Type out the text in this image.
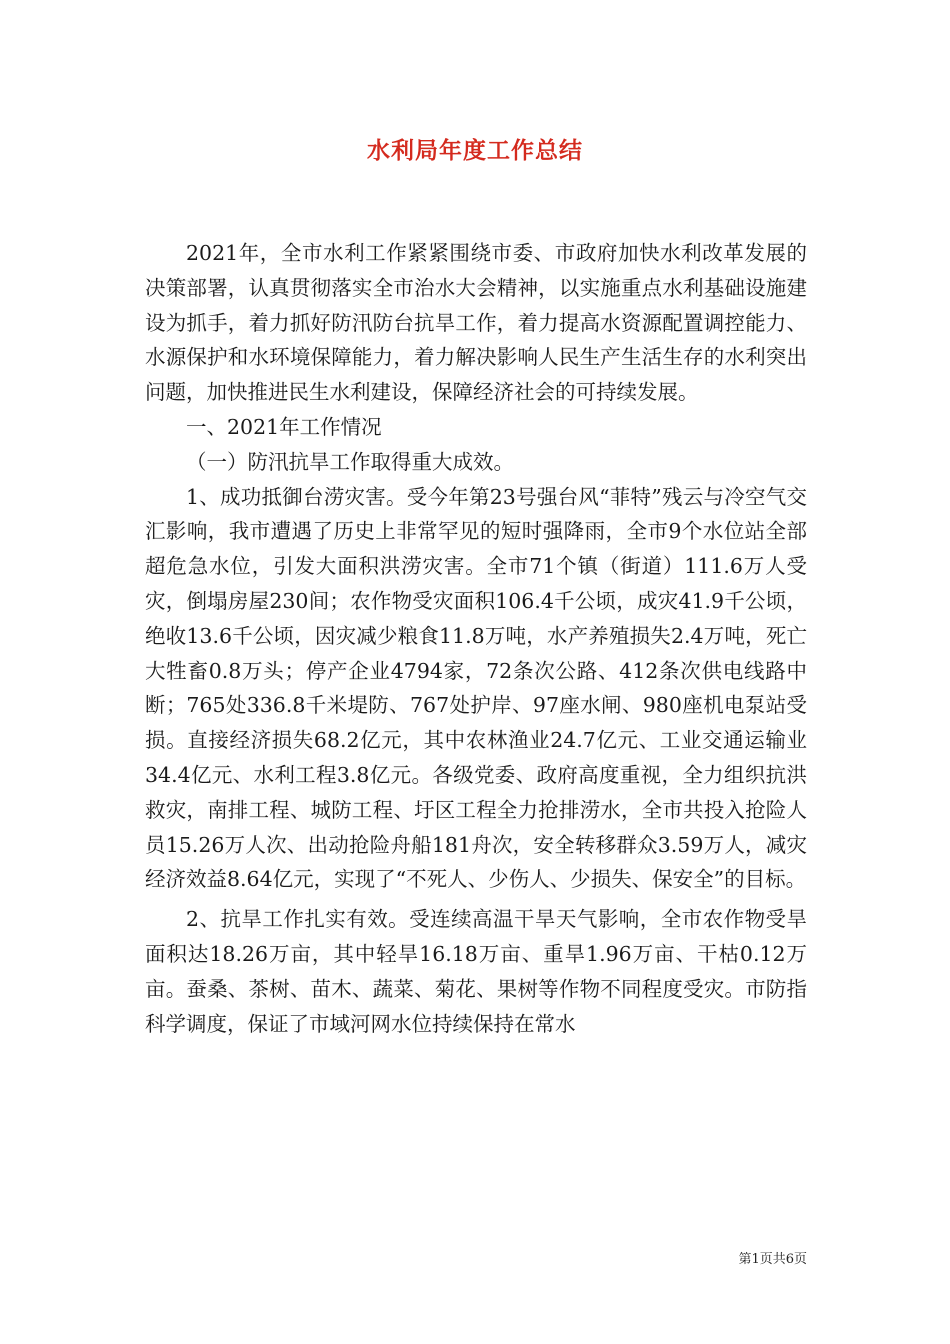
水利局年度工作总结

2021年，全市水利工作紧紧围绕市委、市政府加快水利改革发展的决策部署，认真贯彻落实全市治水大会精神，以实施重点水利基础设施建设为抓手，着力抓好防汛防台抗旱工作，着力提高水资源配置调控能力、水源保护和水环境保障能力，着力解决影响人民生产生活生存的水利突出问题，加快推进民生水利建设，保障经济社会的可持续发展。

一、2021年工作情况

（一）防汛抗旱工作取得重大成效。

1、成功抵御台涝灾害。受今年第23号强台风“菲特”残云与冷空气交汇影响，我市遭遇了历史上非常罕见的短时强降雨，全市9个水位站全部超危急水位，引发大面积洪涝灾害。全市71个镇（街道）111.6万人受灾，倒塌房屋230间；农作物受灾面积106.4千公顷，成灾41.9千公顷，绝收13.6千公顷，因灾减少粮食11.8万吨，水产养殖损失2.4万吨，死亡大牲畜0.8万头；停产企业4794家，72条次公路、412条次供电线路中断；765处336.8千米堤防、767处护岸、97座水闸、980座机电泵站受损。直接经济损失68.2亿元，其中农林渔业24.7亿元、工业交通运输业34.4亿元、水利工程3.8亿元。各级党委、政府高度重视，全力组织抗洪救灾，南排工程、城防工程、圩区工程全力抢排涝水，全市共投入抢险人员15.26万人次、出动抢险舟船181舟次，安全转移群众3.59万人，减灾经济效益8.64亿元，实现了“不死人、少伤人、少损失、保安全”的目标。

2、抗旱工作扎实有效。受连续高温干旱天气影响，全市农作物受旱面积达18.26万亩，其中轻旱16.18万亩、重旱1.96万亩、干枯0.12万亩。蚕桑、茶树、苗木、蔬菜、菊花、果树等作物不同程度受灾。市防指科学调度，保证了市域河网水位持续保持在常水

第1页共6页
